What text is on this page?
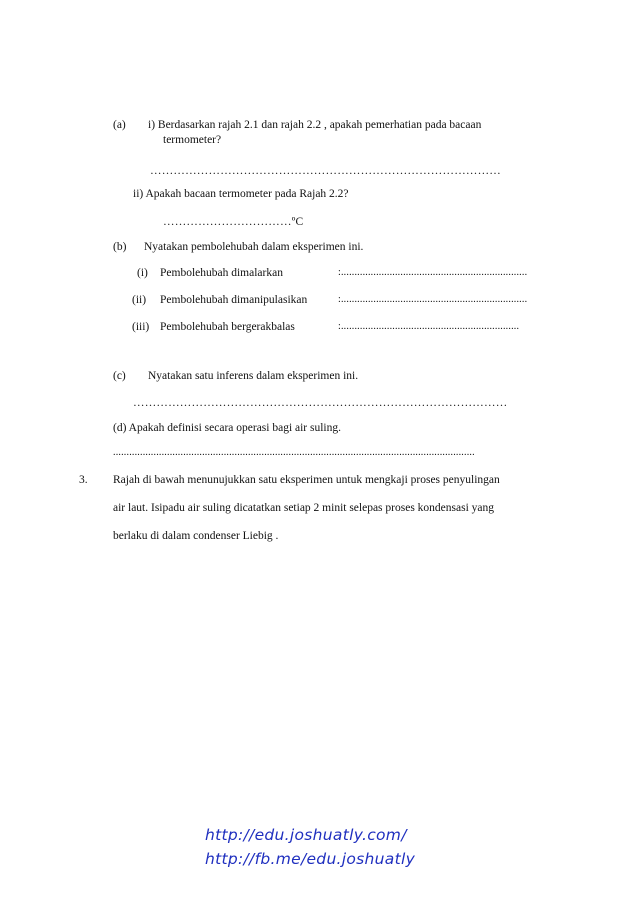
(a) i) Berdasarkan rajah 2.1 dan rajah 2.2 , apakah pemerhatian pada bacaan
termometer?
………………………………………………………………………………
ii) Apakah bacaan termometer pada Rajah 2.2?
……………………………ºC
(b) Nyatakan pembolehubah dalam eksperimen ini.
(i) Pembolehubah dimalarkan	:.....................................................................
(ii) Pembolehubah dimanipulasikan	:.....................................................................
(iii) Pembolehubah bergerakbalas	:..................................................................
(c) Nyatakan satu inferens dalam eksperimen ini.
……………………………………………………………………………………
(d) Apakah definisi secara operasi bagi air suling.
......................................................................................................................................
3. Rajah di bawah menunujukkan satu eksperimen untuk mengkaji proses penyulingan
air laut. Isipadu air suling dicatatkan setiap 2 minit selepas proses kondensasi yang
berlaku di dalam condenser Liebig .
http://edu.joshuatly.com/
http://fb.me/edu.joshuatly
